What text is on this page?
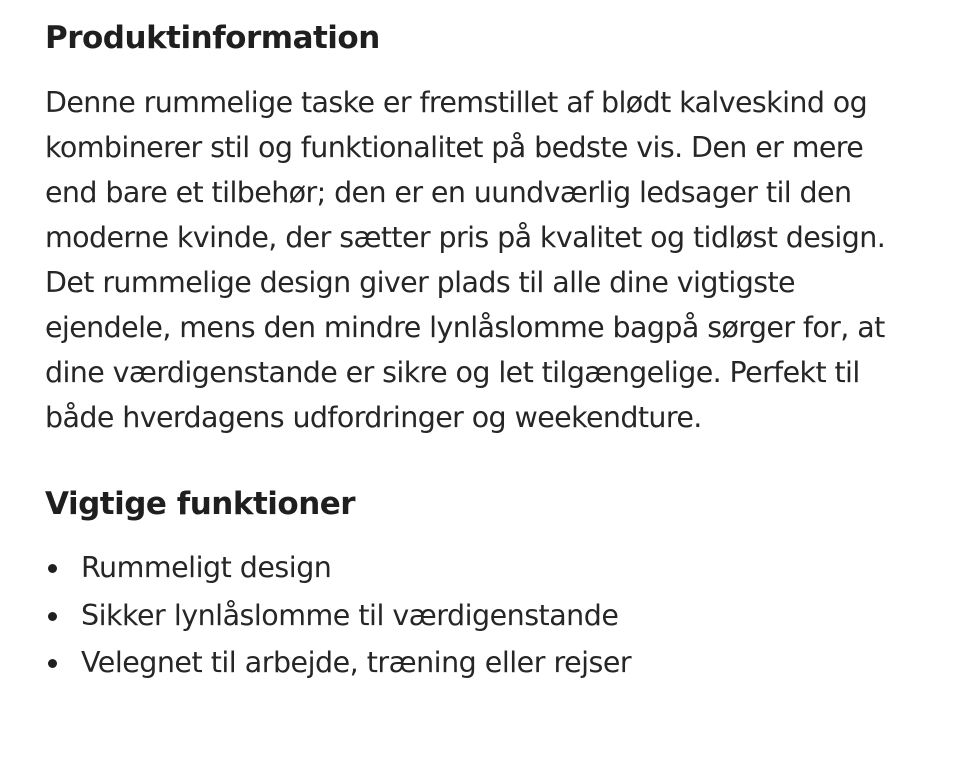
Produktinformation

Denne rummelige taske er fremstillet af blødt kalveskind og kombinerer stil og funktionalitet på bedste vis. Den er mere end bare et tilbehør; den er en uundværlig ledsager til den moderne kvinde, der sætter pris på kvalitet og tidløst design. Det rummelige design giver plads til alle dine vigtigste ejendele, mens den mindre lynlåslomme bagpå sørger for, at dine værdigenstande er sikre og let tilgængelige. Perfekt til både hverdagens udfordringer og weekendture.

Vigtige funktioner
Rummeligt design
Sikker lynlåslomme til værdigenstande
Velegnet til arbejde, træning eller rejser
